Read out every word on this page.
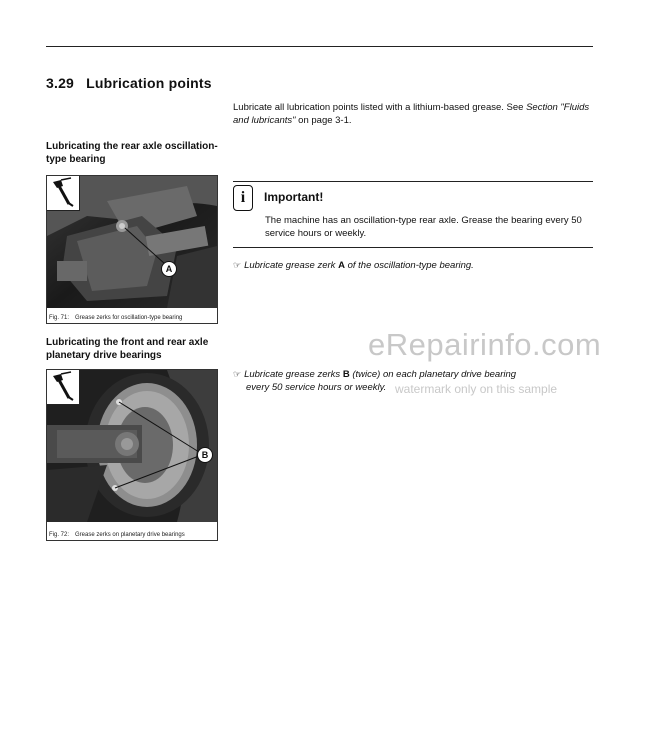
3.29 Lubrication points
Lubricate all lubrication points listed with a lithium-based grease. See Section "Fluids and lubricants" on page 3-1.
Lubricating the rear axle oscillation-
type bearing
A
Fig. 71: Grease zerks for oscillation-type bearing
i	Important!
The machine has an oscillation-type rear axle. Grease the bearing every 50
service hours or weekly.
☞ Lubricate grease zerk A of the oscillation-type bearing.
Lubricating the front and rear axle
planetary drive bearings
B
Fig. 72: Grease zerks on planetary drive bearings
eRepairinfo.com
☞ Lubricate grease zerks B (twice) on each planetary drive bearing
every 50 service hours or weekly. watermark only on this sample
